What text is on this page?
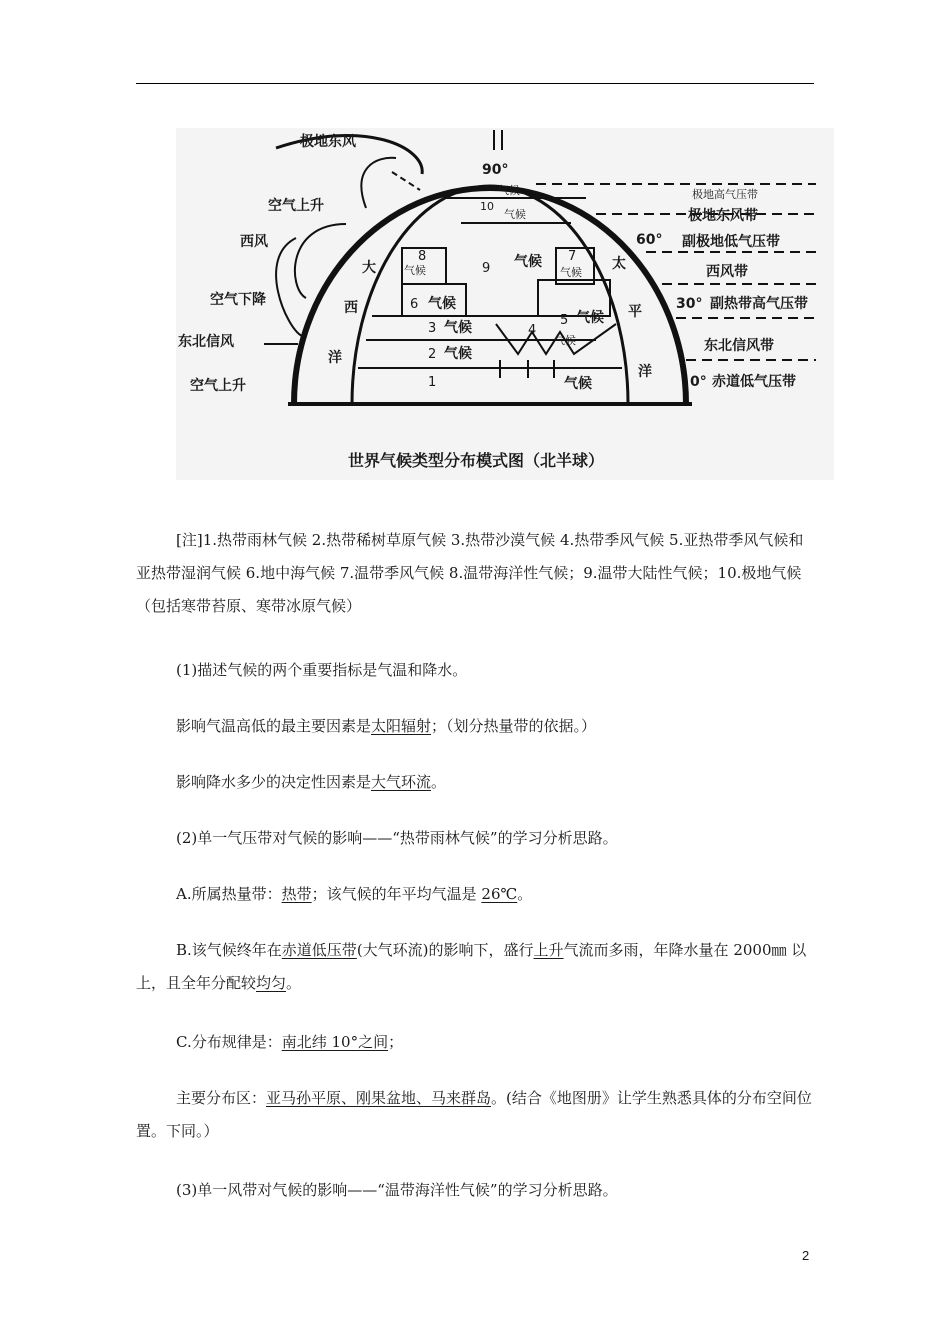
极地东风
90°
空气上升
西风
空气下降
东北信风
空气上升
极地高气压带
极地东风带
60° 副极地低气压带
西风带
30° 副热带高气压带
东北信风带
0° 赤道低气压带
大
西
洋
太
平
洋
1
2
3	4
5
6
7
8
9
10
气候
气候
气候
气候
气候
气候
气候
气候
气候
气候
气候
世界气候类型分布模式图（北半球）

[注]1.热带雨林气候 2.热带稀树草原气候 3.热带沙漠气候 4.热带季风气候 5.亚热带季风气候和亚热带湿润气候 6.地中海气候 7.温带季风气候 8.温带海洋性气候；9.温带大陆性气候；10.极地气候（包括寒带苔原、寒带冰原气候）

(1)描述气候的两个重要指标是气温和降水。

影响气温高低的最主要因素是太阳辐射；（划分热量带的依据。）

影响降水多少的决定性因素是大气环流。

(2)单一气压带对气候的影响——“热带雨林气候”的学习分析思路。

A.所属热量带：热带；该气候的年平均气温是 26℃。

B.该气候终年在赤道低压带(大气环流)的影响下，盛行上升气流而多雨，年降水量在 2000㎜ 以上，且全年分配较均匀。

C.分布规律是：南北纬 10°之间；

主要分布区：亚马孙平原、刚果盆地、马来群岛。(结合《地图册》让学生熟悉具体的分布空间位置。下同。）

(3)单一风带对气候的影响——“温带海洋性气候”的学习分析思路。

2
